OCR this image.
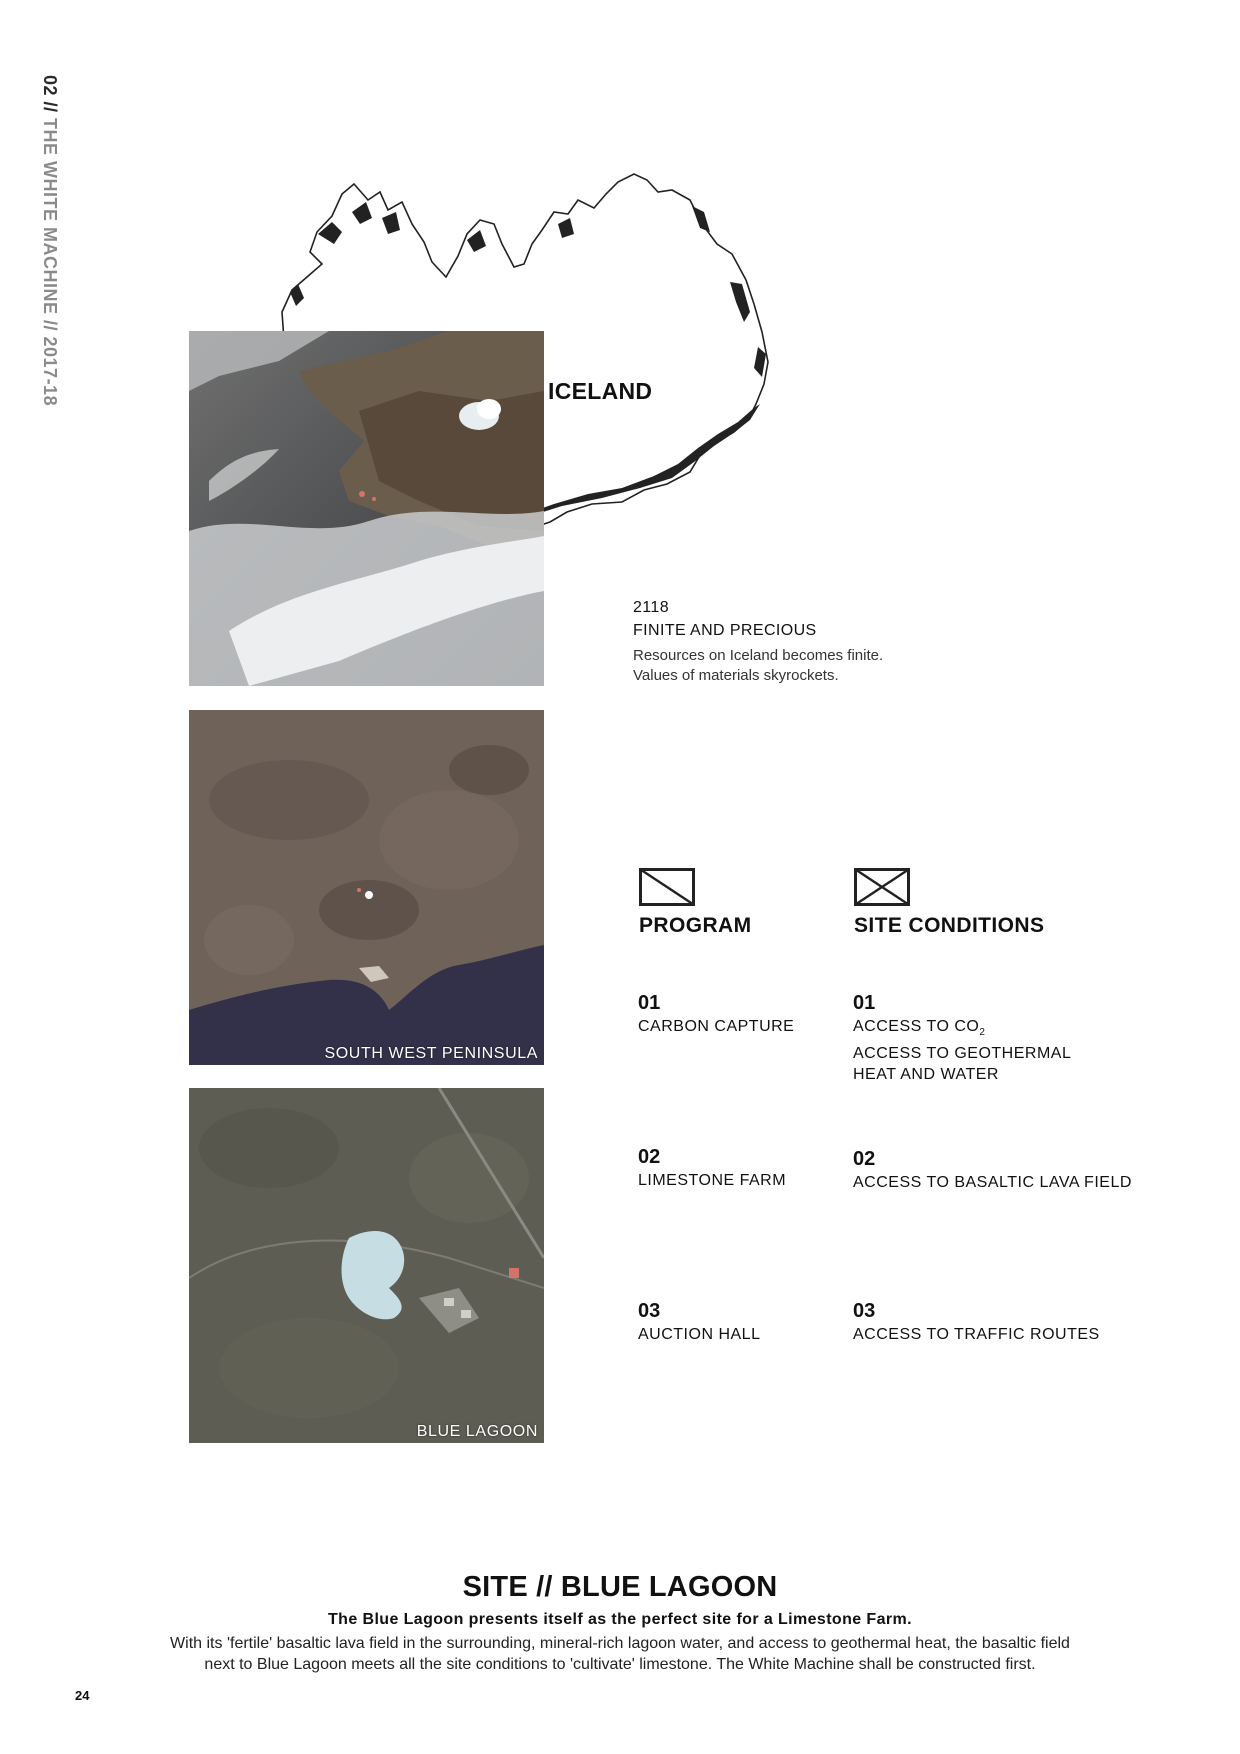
02 // THE WHITE MACHINE // 2017-18
SOUTH WEST PENINSULA
BLUE LAGOON
ICELAND
2118
FINITE AND PRECIOUS
Resources on Iceland becomes finite.
Values of materials skyrockets.
PROGRAM
01
CARBON CAPTURE
02
LIMESTONE FARM
03
AUCTION HALL
SITE CONDITIONS
01
ACCESS TO $CO_2$
ACCESS TO GEOTHERMAL HEAT AND WATER
02
ACCESS TO BASALTIC LAVA FIELD
03
ACCESS TO TRAFFIC ROUTES
SITE // BLUE LAGOON
The Blue Lagoon presents itself as the perfect site for a Limestone Farm.
With its 'fertile' basaltic lava field in the surrounding, mineral-rich lagoon water, and access to geothermal heat, the basaltic field next to Blue Lagoon meets all the site conditions to 'cultivate' limestone. The White Machine shall be constructed first.
24
